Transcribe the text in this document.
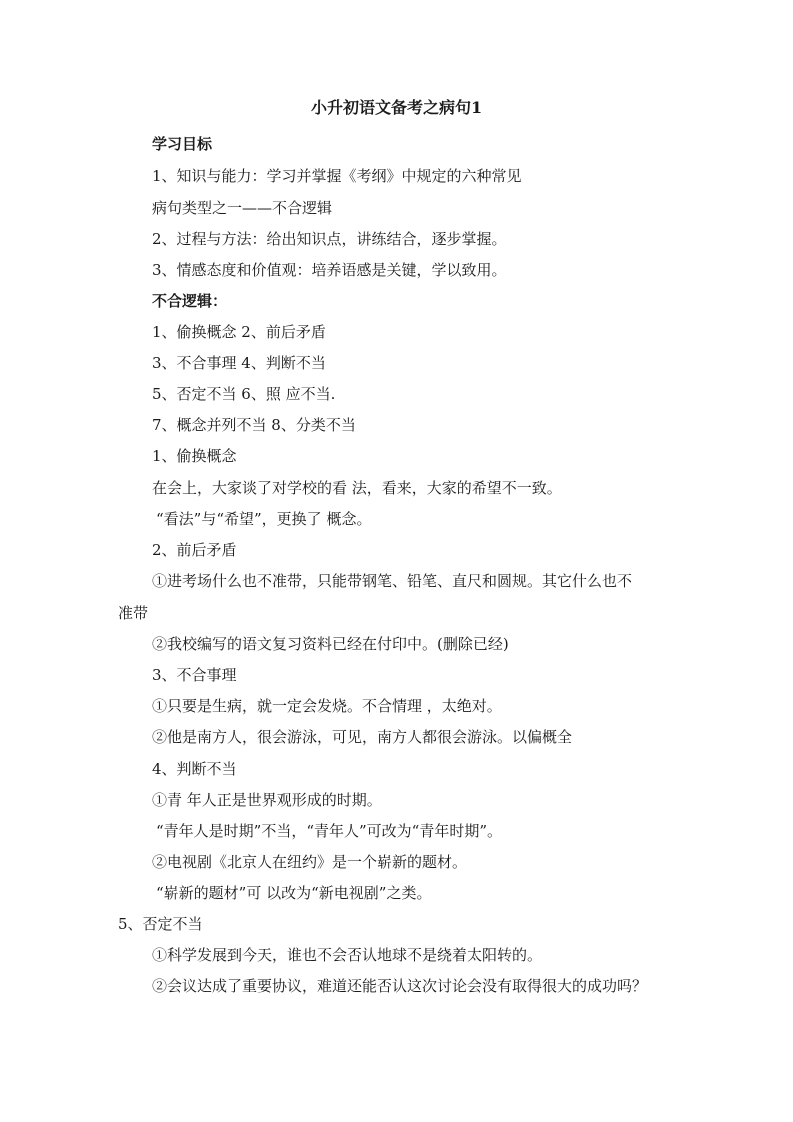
小升初语文备考之病句1
学习目标
1、知识与能力：学习并掌握《考纲》中规定的六种常见
病句类型之一——不合逻辑
2、过程与方法：给出知识点，讲练结合，逐步掌握。
3、情感态度和价值观：培养语感是关键，学以致用。
不合逻辑：
1、偷换概念 2、前后矛盾
3、不合事理 4、判断不当
5、否定不当 6、照 应不当.
7、概念并列不当 8、分类不当
1、偷换概念
在会上，大家谈了对学校的看 法，看来，大家的希望不一致。
“看法”与“希望”，更换了 概念。
2、前后矛盾
①进考场什么也不准带，只能带钢笔、铅笔、直尺和圆规。其它什么也不
准带
②我校编写的语文复习资料已经在付印中。(删除已经)
3、不合事理
①只要是生病，就一定会发烧。不合情理 ，太绝对。
②他是南方人，很会游泳，可见，南方人都很会游泳。以偏概全
4、判断不当
①青 年人正是世界观形成的时期。
“青年人是时期”不当，“青年人”可改为“青年时期”。
②电视剧《北京人在纽约》是一个崭新的题材。
“崭新的题材”可 以改为“新电视剧”之类。
5、否定不当
①科学发展到今天，谁也不会否认地球不是绕着太阳转的。
②会议达成了重要协议，难道还能否认这次讨论会没有取得很大的成功吗？
